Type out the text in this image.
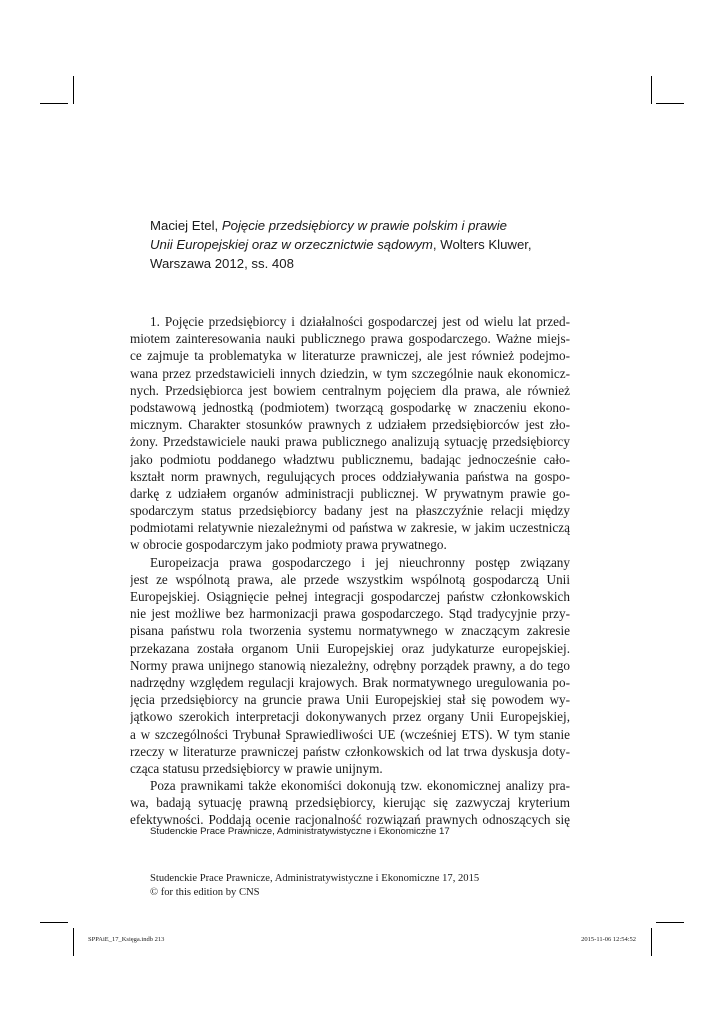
Maciej Etel, Pojęcie przedsiębiorcy w prawie polskim i prawie
Unii Europejskiej oraz w orzecznictwie sądowym, Wolters Kluwer,
Warszawa 2012, ss. 408
1. Pojęcie przedsiębiorcy i działalności gospodarczej jest od wielu lat przed-
miotem zainteresowania nauki publicznego prawa gospodarczego. Ważne miejs-
ce zajmuje ta problematyka w literaturze prawniczej, ale jest również podejmo-
wana przez przedstawicieli innych dziedzin, w tym szczególnie nauk ekonomicz-
nych. Przedsiębiorca jest bowiem centralnym pojęciem dla prawa, ale również
podstawową jednostką (podmiotem) tworzącą gospodarkę w znaczeniu ekono-
micznym. Charakter stosunków prawnych z udziałem przedsiębiorców jest zło-
żony. Przedstawiciele nauki prawa publicznego analizują sytuację przedsiębiorcy
jako podmiotu poddanego władztwu publicznemu, badając jednocześnie cało-
kształt norm prawnych, regulujących proces oddziaływania państwa na gospo-
darkę z udziałem organów administracji publicznej. W prywatnym prawie go-
spodarczym status przedsiębiorcy badany jest na płaszczyźnie relacji między
podmiotami relatywnie niezależnymi od państwa w zakresie, w jakim uczestniczą
w obrocie gospodarczym jako podmioty prawa prywatnego.
Europeizacja prawa gospodarczego i jej nieuchronny postęp związany
jest ze wspólnotą prawa, ale przede wszystkim wspólnotą gospodarczą Unii
Europejskiej. Osiągnięcie pełnej integracji gospodarczej państw członkowskich
nie jest możliwe bez harmonizacji prawa gospodarczego. Stąd tradycyjnie przy-
pisana państwu rola tworzenia systemu normatywnego w znaczącym zakresie
przekazana została organom Unii Europejskiej oraz judykaturze europejskiej.
Normy prawa unijnego stanowią niezależny, odrębny porządek prawny, a do tego
nadrzędny względem regulacji krajowych. Brak normatywnego uregulowania po-
jęcia przedsiębiorcy na gruncie prawa Unii Europejskiej stał się powodem wy-
jątkowo szerokich interpretacji dokonywanych przez organy Unii Europejskiej,
a w szczególności Trybunał Sprawiedliwości UE (wcześniej ETS). W tym stanie
rzeczy w literaturze prawniczej państw członkowskich od lat trwa dyskusja doty-
cząca statusu przedsiębiorcy w prawie unijnym.
Poza prawnikami także ekonomiści dokonują tzw. ekonomicznej analizy pra-
wa, badają sytuację prawną przedsiębiorcy, kierując się zazwyczaj kryterium
efektywności. Poddają ocenie racjonalność rozwiązań prawnych odnoszących się
Studenckie Prace Prawnicze, Administratywistyczne i Ekonomiczne 17
Studenckie Prace Prawnicze, Administratywistyczne i Ekonomiczne 17, 2015
© for this edition by CNS
SPPAiE_17_Księga.indb 213	2015-11-06 12:54:52
